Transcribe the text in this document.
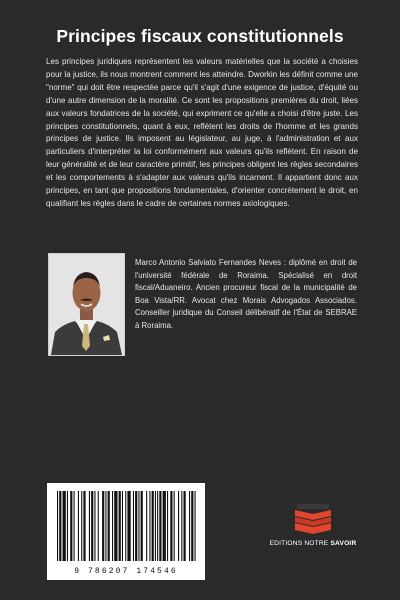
Principes fiscaux constitutionnels
Les principes juridiques représentent les valeurs matérielles que la société a choisies pour la justice, ils nous montrent comment les atteindre. Dworkin les définit comme une "norme" qui doit être respectée parce qu'il s'agit d'une exigence de justice, d'équité ou d'une autre dimension de la moralité. Ce sont les propositions premières du droit, liées aux valeurs fondatrices de la société, qui expriment ce qu'elle a choisi d'être juste. Les principes constitutionnels, quant à eux, reflètent les droits de l'homme et les grands principes de justice. Ils imposent au législateur, au juge, à l'administration et aux particuliers d'interpréter la loi conformément aux valeurs qu'ils reflètent. En raison de leur généralité et de leur caractère primitif, les principes obligent les règles secondaires et les comportements à s'adapter aux valeurs qu'ils incarnent. Il appartient donc aux principes, en tant que propositions fondamentales, d'orienter concrètement le droit, en qualifiant les règles dans le cadre de certaines normes axiologiques.
Marco Antonio Salviato Fernandes Neves : diplômé en droit de l'université fédérale de Roraima. Spécialisé en droit fiscal/Aduaneiro. Ancien procureur fiscal de la municipalité de Boa Vista/RR. Avocat chez Morais Advogados Associados. Conseiller juridique du Conseil délibératif de l'État de SEBRAE à Roraima.
9 786207 174546
EDITIONS NOTRE SAVOIR
